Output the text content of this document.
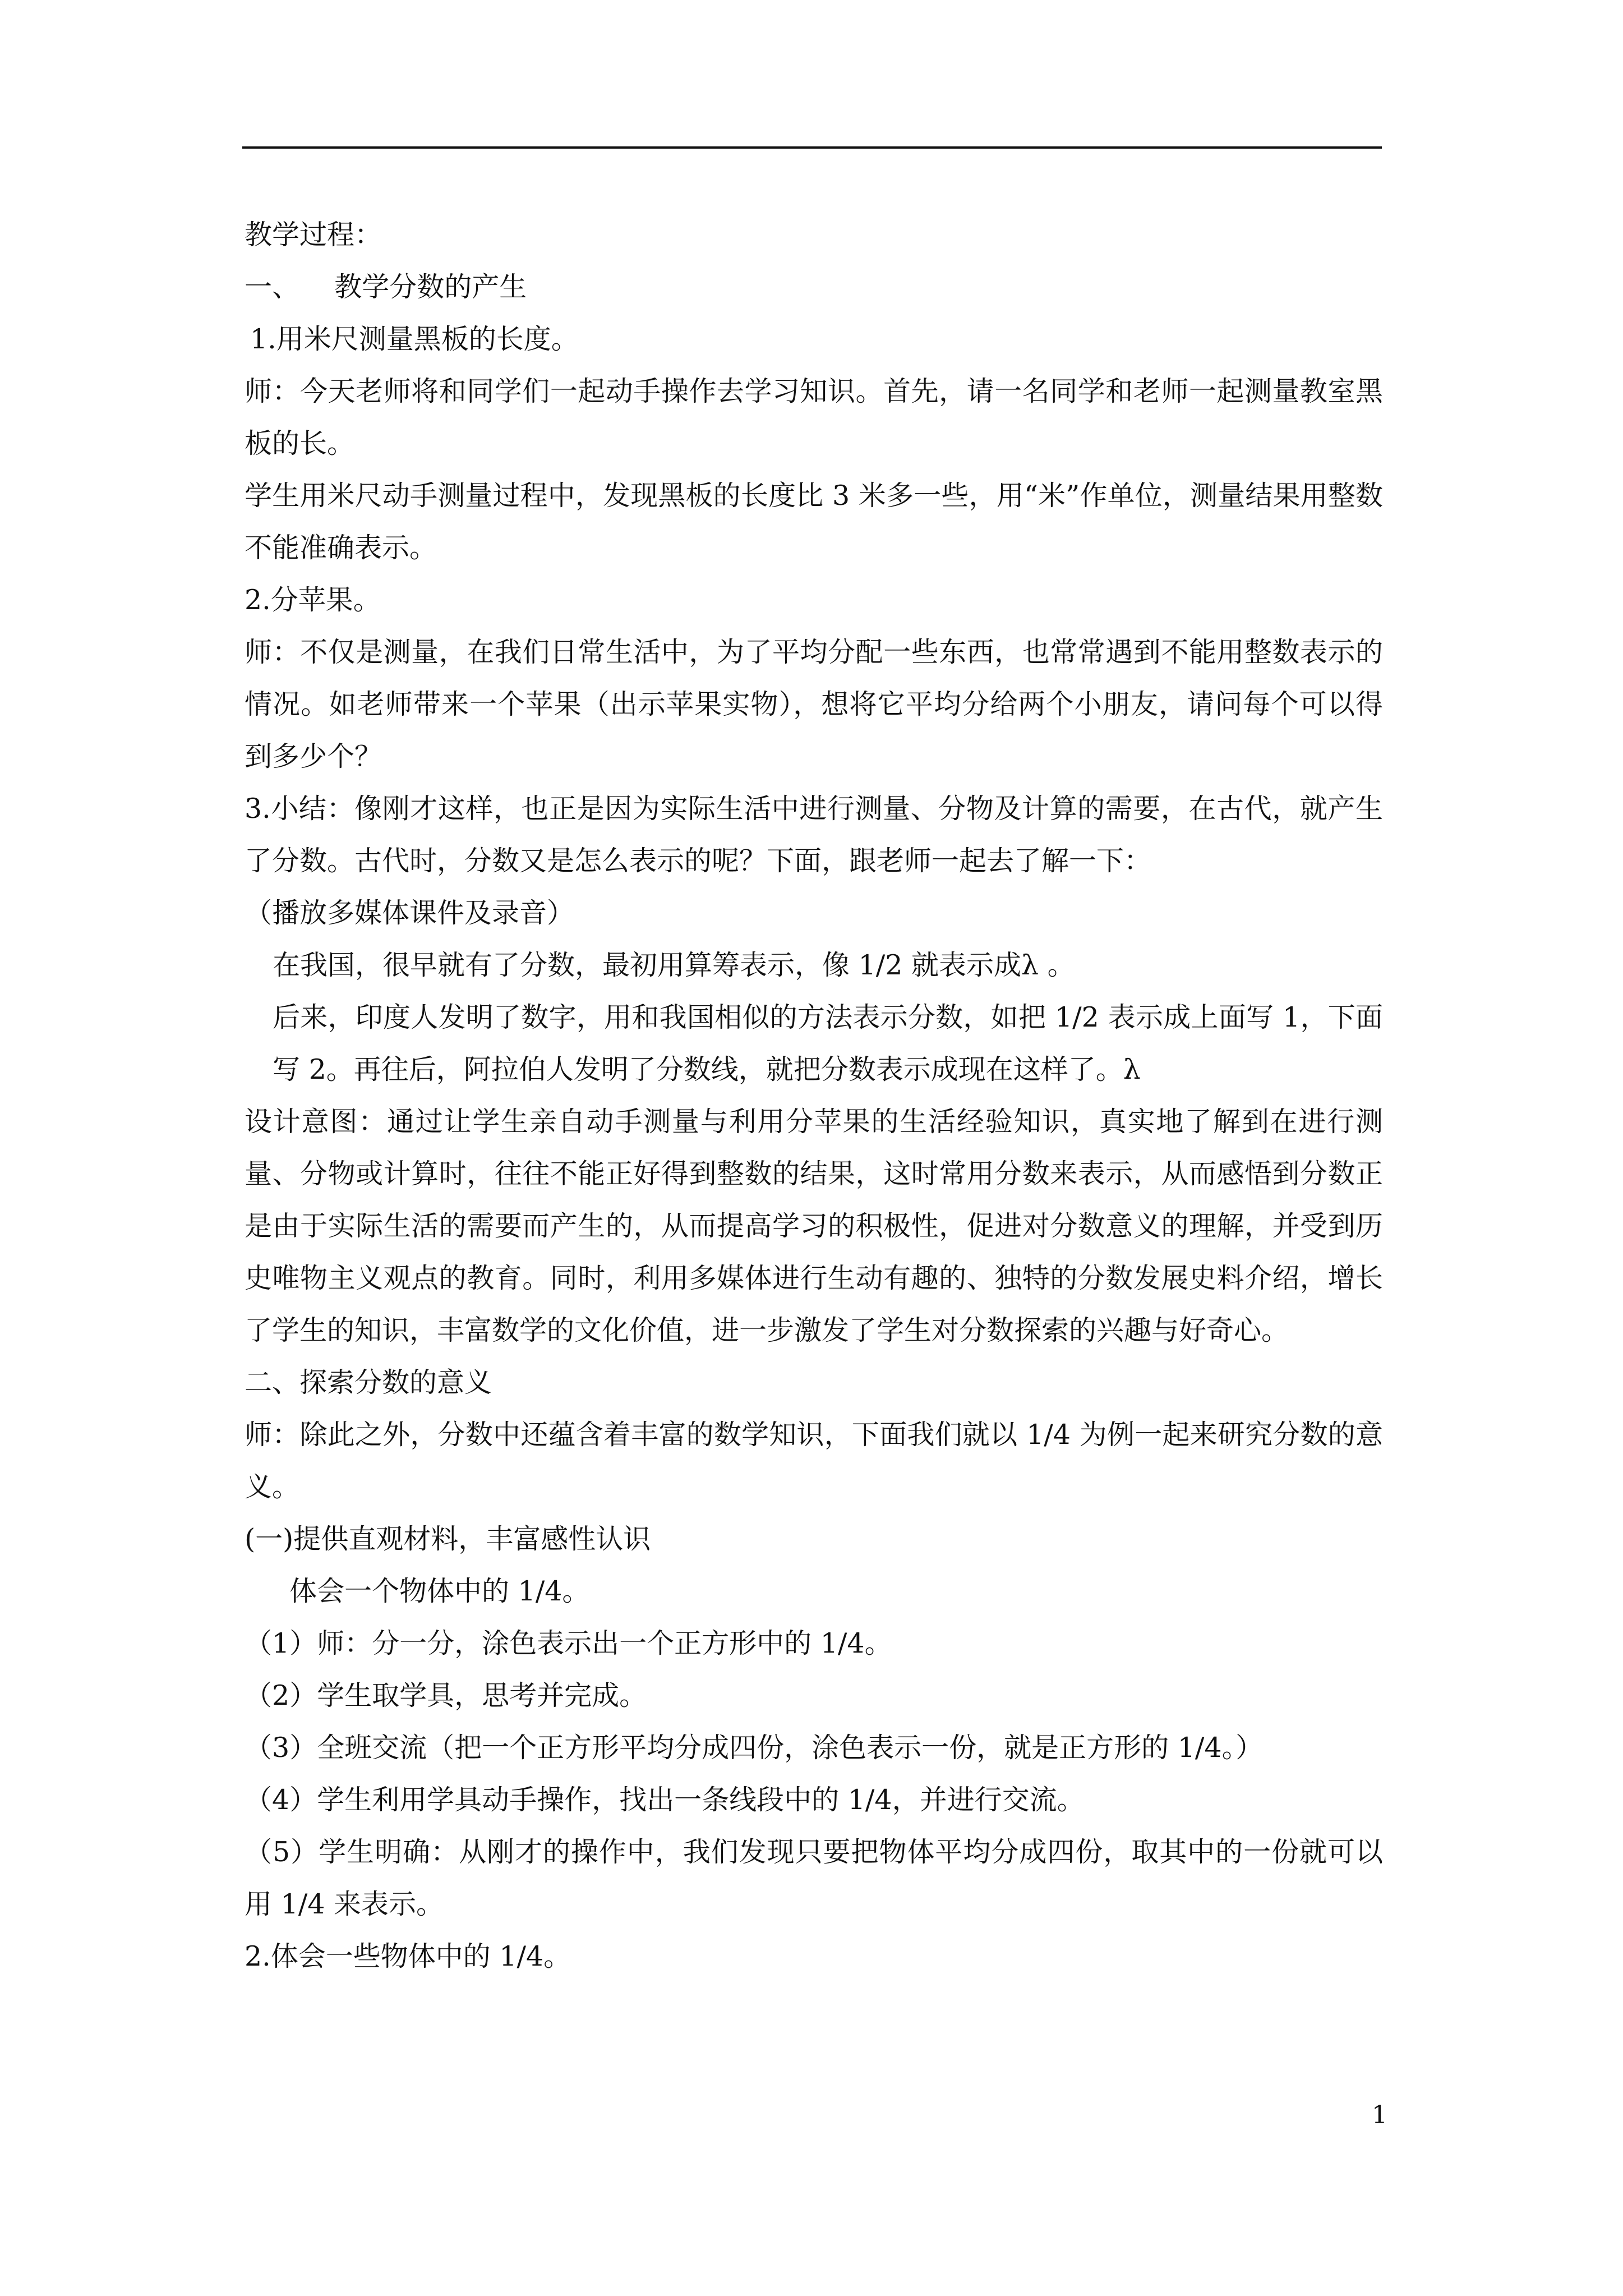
教学过程：

一、    教学分数的产生

1.用米尺测量黑板的长度。

师：今天老师将和同学们一起动手操作去学习知识。首先，请一名同学和老师一起测量教室黑板的长。

学生用米尺动手测量过程中，发现黑板的长度比 3 米多一些，用“米”作单位，测量结果用整数不能准确表示。

2.分苹果。

师：不仅是测量，在我们日常生活中，为了平均分配一些东西，也常常遇到不能用整数表示的情况。如老师带来一个苹果（出示苹果实物），想将它平均分给两个小朋友，请问每个可以得到多少个？

3.小结：像刚才这样，也正是因为实际生活中进行测量、分物及计算的需要，在古代，就产生了分数。古代时，分数又是怎么表示的呢？下面，跟老师一起去了解一下：

（播放多媒体课件及录音）

在我国，很早就有了分数，最初用算筹表示，像 1/2 就表示成λ 。

后来，印度人发明了数字，用和我国相似的方法表示分数，如把 1/2 表示成上面写 1，下面写 2。再往后，阿拉伯人发明了分数线，就把分数表示成现在这样了。λ

设计意图：通过让学生亲自动手测量与利用分苹果的生活经验知识，真实地了解到在进行测量、分物或计算时，往往不能正好得到整数的结果，这时常用分数来表示，从而感悟到分数正是由于实际生活的需要而产生的，从而提高学习的积极性，促进对分数意义的理解，并受到历史唯物主义观点的教育。同时，利用多媒体进行生动有趣的、独特的分数发展史料介绍，增长了学生的知识，丰富数学的文化价值，进一步激发了学生对分数探索的兴趣与好奇心。

二、探索分数的意义

师：除此之外，分数中还蕴含着丰富的数学知识，下面我们就以 1/4 为例一起来研究分数的意义。

(一)提供直观材料，丰富感性认识

体会一个物体中的 1/4。

（1）师：分一分，涂色表示出一个正方形中的 1/4。

（2）学生取学具，思考并完成。

（3）全班交流（把一个正方形平均分成四份，涂色表示一份，就是正方形的 1/4。）

（4）学生利用学具动手操作，找出一条线段中的 1/4，并进行交流。

（5）学生明确：从刚才的操作中，我们发现只要把物体平均分成四份，取其中的一份就可以用 1/4 来表示。

2.体会一些物体中的 1/4。

1
